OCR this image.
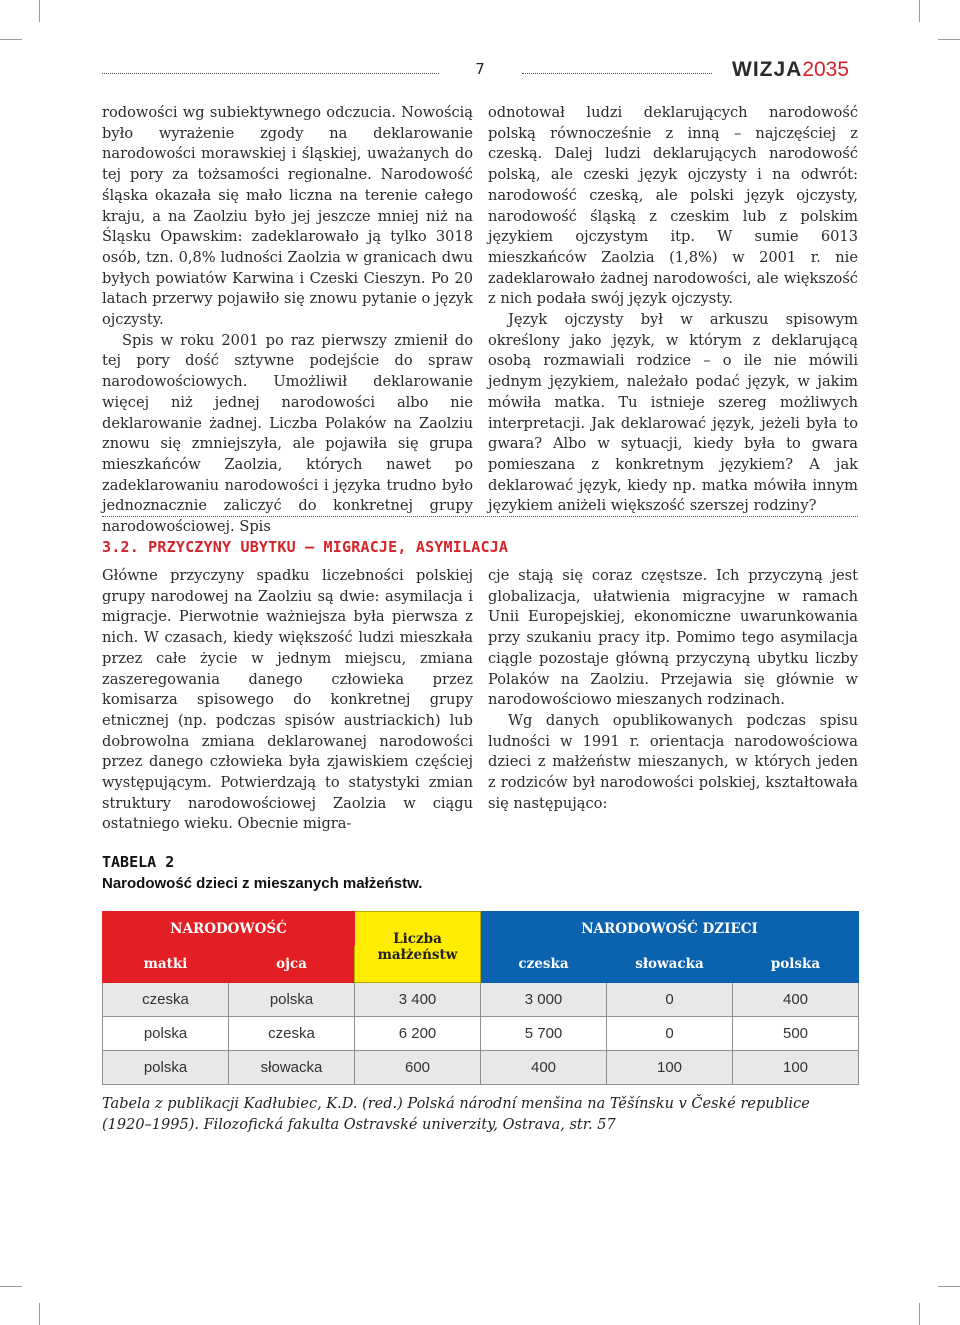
7	WIZJA2035

rodowości wg subiektywnego odczucia. Nowością było wyrażenie zgody na deklarowanie narodowości morawskiej i śląskiej, uważanych do tej pory za tożsamości regionalne. Narodowość śląska okazała się mało liczna na terenie całego kraju, a na Zaolziu było jej jeszcze mniej niż na Śląsku Opawskim: zadeklarowało ją tylko 3018 osób, tzn. 0,8% ludności Zaolzia w granicach dwu byłych powiatów Karwina i Czeski Cieszyn. Po 20 latach przerwy pojawiło się znowu pytanie o język ojczysty.

Spis w roku 2001 po raz pierwszy zmienił do tej pory dość sztywne podejście do spraw narodowościowych. Umożliwił deklarowanie więcej niż jednej narodowości albo nie deklarowanie żadnej. Liczba Polaków na Zaolziu znowu się zmniejszyła, ale pojawiła się grupa mieszkańców Zaolzia, których nawet po zadeklarowaniu narodowości i języka trudno było jednoznacznie zaliczyć do konkretnej grupy narodowościowej. Spis

odnotował ludzi deklarujących narodowość polską równocześnie z inną – najczęściej z czeską. Dalej ludzi deklarujących narodowość polską, ale czeski język ojczysty i na odwrót: narodowość czeską, ale polski język ojczysty, narodowość śląską z czeskim lub z polskim językiem ojczystym itp. W sumie 6013 mieszkańców Zaolzia (1,8%) w 2001 r. nie zadeklarowało żadnej narodowości, ale większość z nich podała swój język ojczysty.

Język ojczysty był w arkuszu spisowym określony jako język, w którym z deklarującą osobą rozmawiali rodzice – o ile nie mówili jednym językiem, należało podać język, w jakim mówiła matka. Tu istnieje szereg możliwych interpretacji. Jak deklarować język, jeżeli była to gwara? Albo w sytuacji, kiedy była to gwara pomieszana z konkretnym językiem? A jak deklarować język, kiedy np. matka mówiła innym językiem aniżeli większość szerszej rodziny?

3.2. PRZYCZYNY UBYTKU – MIGRACJE, ASYMILACJA

Główne przyczyny spadku liczebności polskiej grupy narodowej na Zaolziu są dwie: asymilacja i migracje. Pierwotnie ważniejsza była pierwsza z nich. W czasach, kiedy większość ludzi mieszkała przez całe życie w jednym miejscu, zmiana zaszeregowania danego człowieka przez komisarza spisowego do konkretnej grupy etnicznej (np. podczas spisów austriackich) lub dobrowolna zmiana deklarowanej narodowości przez danego człowieka była zjawiskiem częściej występującym. Potwierdzają to statystyki zmian struktury narodowościowej Zaolzia w ciągu ostatniego wieku. Obecnie migra-

cje stają się coraz częstsze. Ich przyczyną jest globalizacja, ułatwienia migracyjne w ramach Unii Europejskiej, ekonomiczne uwarunkowania przy szukaniu pracy itp. Pomimo tego asymilacja ciągle pozostaje główną przyczyną ubytku liczby Polaków na Zaolziu. Przejawia się głównie w narodowościowo mieszanych rodzinach.

Wg danych opublikowanych podczas spisu ludności w 1991 r. orientacja narodowościowa dzieci z małżeństw mieszanych, w których jeden z rodziców był narodowości polskiej, kształtowała się następująco:

TABELA 2
Narodowość dzieci z mieszanych małżeństw.
NARODOWOŚĆ		Liczba małżeństw	NARODOWOŚĆ DZIECI		
matki	ojca		czeska	słowacka	polska
czeska	polska	3 400	3 000	0	400
polska	czeska	6 200	5 700	0	500
polska	słowacka	600	400	100	100
Tabela z publikacji Kadłubiec, K.D. (red.) Polská národní menšina na Těšínsku v České republice (1920–1995). Filozofická fakulta Ostravské univerzity, Ostrava, str. 57
